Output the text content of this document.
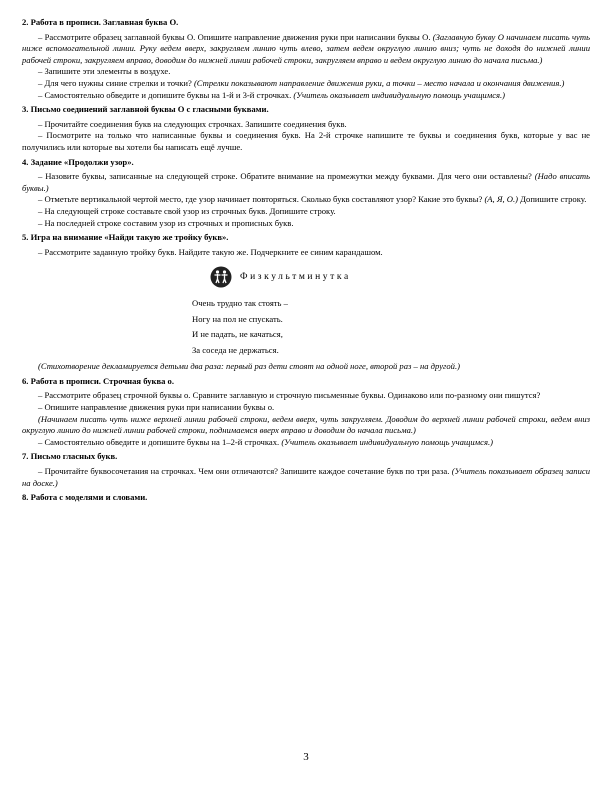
2. Работа в прописи. Заглавная буква О.
– Рассмотрите образец заглавной буквы О. Опишите направление движения руки при написании буквы О. (Заглавную букву О начинаем писать чуть ниже вспомогательной линии. Руку ведем вверх, закругляем линию чуть влево, затем ведем округлую линию вниз; чуть не доходя до нижней линии рабочей строки, закругляем вправо, доводим до нижней линии рабочей строки, закругляем вправо и ведем округлую линию до начала письма.)
– Запишите эти элементы в воздухе.
– Для чего нужны синие стрелки и точки? (Стрелки показывают направление движения руки, а точки – место начала и окончания движения.)
– Самостоятельно обведите и допишите буквы на 1-й и 3-й строчках. (Учитель оказывает индивидуальную помощь учащимся.)
3. Письмо соединений заглавной буквы О с гласными буквами.
– Прочитайте соединения букв на следующих строчках. Запишите соединения букв.
– Посмотрите на только что написанные буквы и соединения букв. На 2-й строчке напишите те буквы и соединения букв, которые у вас не получились или которые вы хотели бы написать ещё лучше.
4. Задание «Продолжи узор».
– Назовите буквы, записанные на следующей строке. Обратите внимание на промежутки между буквами. Для чего они оставлены? (Надо вписать буквы.)
– Отметьте вертикальной чертой место, где узор начинает повторяться. Сколько букв составляют узор? Какие это буквы? (А, Я, О.) Допишите строку.
– На следующей строке составьте свой узор из строчных букв. Допишите строку.
– На последней строке составим узор из строчных и прописных букв.
5. Игра на внимание «Найди такую же тройку букв».
– Рассмотрите заданную тройку букв. Найдите такую же. Подчеркните ее синим карандашом.
Физкультминутка
Очень трудно так стоять –
Ногу на пол не спускать.
И не падать, не качаться,
За соседа не держаться.
(Стихотворение декламируется детьми два раза: первый раз дети стоят на одной ноге, второй раз – на другой.)
6. Работа в прописи. Строчная буква о.
– Рассмотрите образец строчной буквы о. Сравните заглавную и строчную письменные буквы. Одинаково или по-разному они пишутся?
– Опишите направление движения руки при написании буквы о.
(Начинаем писать чуть ниже верхней линии рабочей строки, ведем вверх, чуть закругляем. Доводим до верхней линии рабочей строки, ведем вниз округлую линию до нижней линии рабочей строки, поднимаемся вверх вправо и доводим до начала письма.)
– Самостоятельно обведите и допишите буквы на 1–2-й строчках. (Учитель оказывает индивидуальную помощь учащимся.)
7. Письмо гласных букв.
– Прочитайте буквосочетания на строчках. Чем они отличаются? Запишите каждое сочетание букв по три раза. (Учитель показывает образец записи на доске.)
8. Работа с моделями и словами.
3
